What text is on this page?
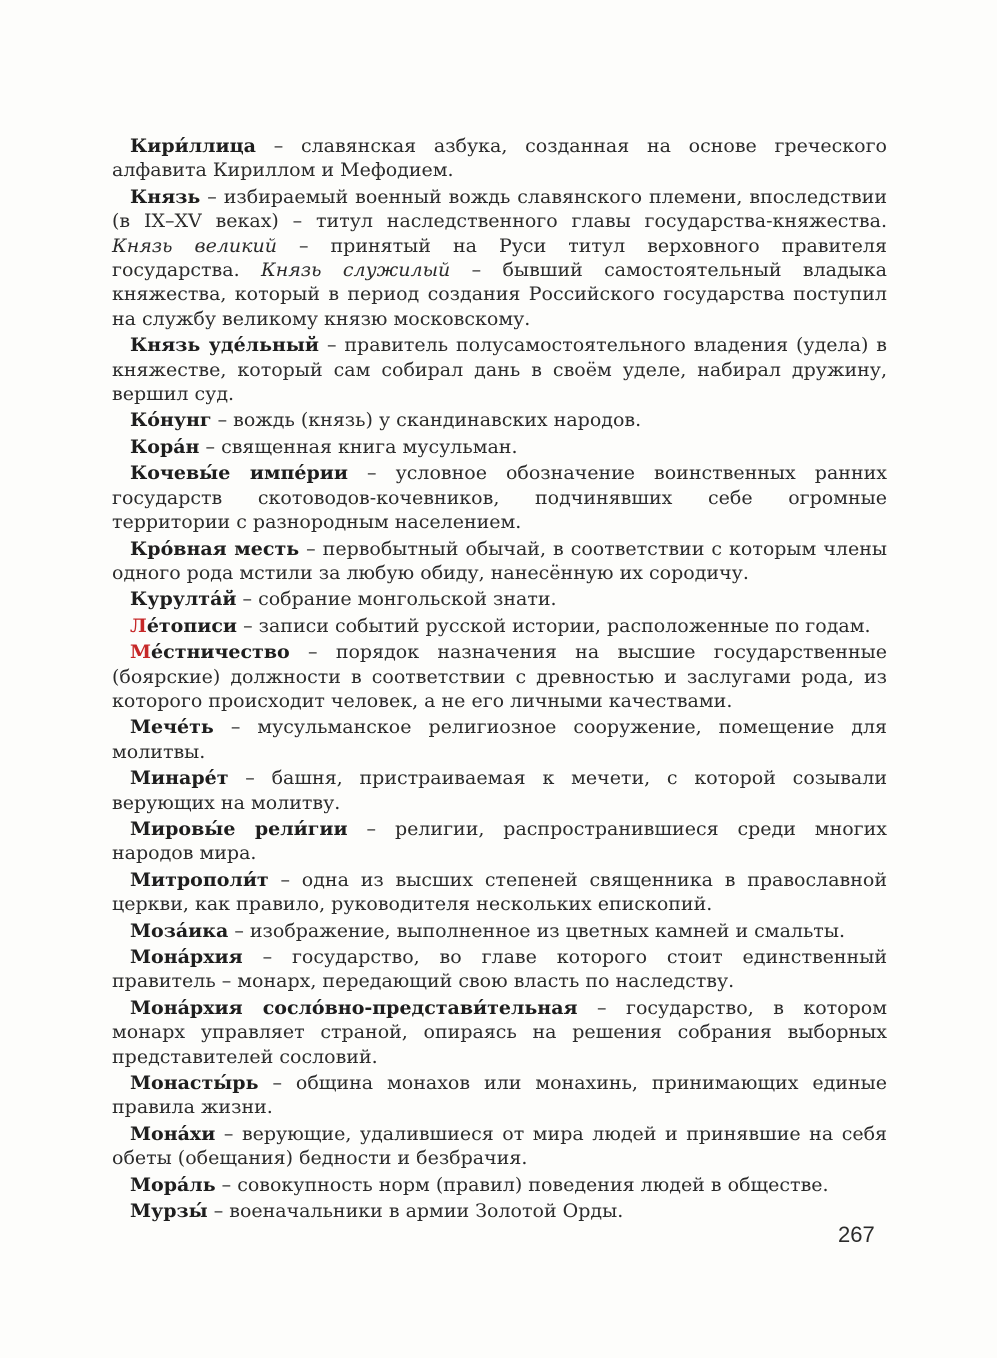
Кири́ллица – славянская азбука, созданная на основе греческого алфавита Кириллом и Мефодием.

Князь – избираемый военный вождь славянского племени, впоследствии (в IX–XV веках) – титул наследственного главы государства-княжества. Князь великий – принятый на Руси титул верховного правителя государства. Князь служилый – бывший самостоятельный владыка княжества, который в период создания Российского государства поступил на службу великому князю московскому.

Князь уде́льный – правитель полусамостоятельного владения (удела) в княжестве, который сам собирал дань в своём уделе, набирал дружину, вершил суд.

Ко́нунг – вождь (князь) у скандинавских народов.

Кора́н – священная книга мусульман.

Кочевы́е импе́рии – условное обозначение воинственных ранних государств скотоводов-кочевников, подчинявших себе огромные территории с разнородным населением.

Кро́вная месть – первобытный обычай, в соответствии с которым члены одного рода мстили за любую обиду, нанесённую их сородичу.

Курулта́й – собрание монгольской знати.

Ле́тописи – записи событий русской истории, расположенные по годам.

Ме́стничество – порядок назначения на высшие государственные (боярские) должности в соответствии с древностью и заслугами рода, из которого происходит человек, а не его личными качествами.

Мече́ть – мусульманское религиозное сооружение, помещение для молитвы.

Минаре́т – башня, пристраиваемая к мечети, с которой созывали верующих на молитву.

Мировы́е рели́гии – религии, распространившиеся среди многих народов мира.

Митрополи́т – одна из высших степеней священника в православной церкви, как правило, руководителя нескольких епископий.

Моза́ика – изображение, выполненное из цветных камней и смальты.

Мона́рхия – государство, во главе которого стоит единственный правитель – монарх, передающий свою власть по наследству.

Мона́рхия сосло́вно-представи́тельная – государство, в котором монарх управляет страной, опираясь на решения собрания выборных представителей сословий.

Монасты́рь – община монахов или монахинь, принимающих единые правила жизни.

Мона́хи – верующие, удалившиеся от мира людей и принявшие на себя обеты (обещания) бедности и безбрачия.

Мора́ль – совокупность норм (правил) поведения людей в обществе.

Мурзы́ – военачальники в армии Золотой Орды.

267
